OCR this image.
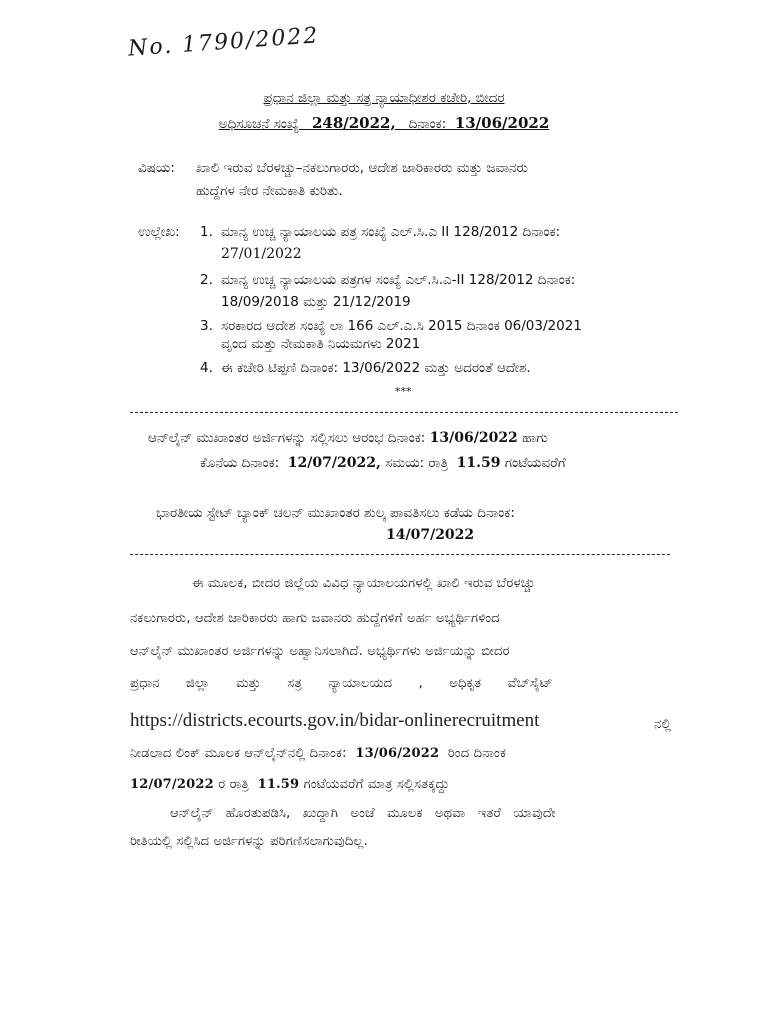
No. 1790/2022
ಪ್ರಧಾನ ಜಿಲ್ಲಾ ಮತ್ತು ಸತ್ರ ನ್ಯಾಯಾಧೀಶರ ಕಚೇರಿ, ಬೀದರ
ಅಧಿಸೂಚನೆ ಸಂಖ್ಯೆ 248/2022, ದಿನಾಂಕ: 13/06/2022
ವಿಷಯ: ಖಾಲಿ ಇರುವ ಬೆರಳಚ್ಚು–ನಕಲುಗಾರರು, ಆದೇಶ ಜಾರಿಕಾರರು ಮತ್ತು ಜವಾನರು
ಹುದ್ದೆಗಳ ನೇರ ನೇಮಕಾತಿ ಕುರಿತು.
ಉಲ್ಲೇಖ: 1. ಮಾನ್ಯ ಉಚ್ಚ ನ್ಯಾಯಾಲಯ ಪತ್ರ ಸಂಖ್ಯೆ ಎಲ್.ಸಿ.ಎ II 128/2012 ದಿನಾಂಕ:
27/01/2022
2. ಮಾನ್ಯ ಉಚ್ಚ ನ್ಯಾಯಾಲಯ ಪತ್ರಗಳ ಸಂಖ್ಯೆ ಎಲ್.ಸಿ.ಎ-II 128/2012 ದಿನಾಂಕ:
18/09/2018 ಮತ್ತು 21/12/2019
3. ಸರಕಾರದ ಆದೇಶ ಸಂಖ್ಯೆ ಲಾ 166 ಎಲ್.ಎ.ಸಿ 2015 ದಿನಾಂಕ 06/03/2021
ವೃಂದ ಮತ್ತು ನೇಮಕಾತಿ ನಿಯಮಗಳು 2021
4. ಈ ಕಚೇರಿ ಟಿಪ್ಪಣಿ ದಿನಾಂಕ: 13/06/2022 ಮತ್ತು ಅದರಂತೆ ಆದೇಶ.
***
ಆನ್‌ಲೈನ್ ಮುಖಾಂತರ ಅರ್ಜಿಗಳನ್ನು ಸಲ್ಲಿಸಲು ಆರಂಭ ದಿನಾಂಕ: 13/06/2022 ಹಾಗು
ಕೊನೆಯ ದಿನಾಂಕ: 12/07/2022, ಸಮಯ: ರಾತ್ರಿ 11.59 ಗಂಟೆಯವರೆಗೆ
ಭಾರತೀಯ ಸ್ಟೇಟ್ ಬ್ಯಾಂಕ್ ಚಲನ್ ಮುಖಾಂತರ ಶುಲ್ಕ ಪಾವತಿಸಲು ಕಡೆಯ ದಿನಾಂಕ:
14/07/2022
ಈ ಮೂಲಕ, ಬೀದರ ಜಿಲ್ಲೆಯ ವಿವಿಧ ನ್ಯಾಯಾಲಯಗಳಲ್ಲಿ ಖಾಲಿ ಇರುವ ಬೆರಳಚ್ಚು
ನಕಲುಗಾರರು, ಆದೇಶ ಜಾರಿಕಾರರು ಹಾಗು ಜವಾನರು ಹುದ್ದೆಗಳಿಗೆ ಅರ್ಹ ಅಭ್ಯರ್ಥಿಗಳಿಂದ
ಆನ್‌ಲೈನ್ ಮುಖಾಂತರ ಅರ್ಜಿಗಳನ್ನು ಅಹ್ವಾನಿಸಲಾಗಿದೆ. ಅಭ್ಯರ್ಥಿಗಳು ಅರ್ಜಿಯನ್ನು ಬೀದರ
ಪ್ರಧಾನ ಜಿಲ್ಲಾ ಮತ್ತು ಸತ್ರ ನ್ಯಾಯಾಲಯದ , ಅಧಿಕೃತ ವೆಬ್‌ಸೈಟ್
https://districts.ecourts.gov.in/bidar-onlinerecruitment	ನಲ್ಲಿ
ನೀಡಲಾದ ಲಿಂಕ್ ಮೂಲಕ ಆನ್‌ಲೈನ್‌ನಲ್ಲಿ ದಿನಾಂಕ: 13/06/2022 ರಿಂದ ದಿನಾಂಕ
12/07/2022 ರ ರಾತ್ರಿ 11.59 ಗಂಟೆಯವರೆಗೆ ಮಾತ್ರ ಸಲ್ಲಿಸತಕ್ಕದ್ದು
ಆನ್‌ಲೈನ್ ಹೊರತುಪಡಿಸಿ, ಖುದ್ದಾಗಿ ಅಂಚೆ ಮೂಲಕ ಅಥವಾ ಇತರೆ ಯಾವುದೇ
ರೀತಿಯಲ್ಲಿ ಸಲ್ಲಿಸಿದ ಅರ್ಜಿಗಳನ್ನು ಪರಿಗಣಿಸಲಾಗುವುದಿಲ್ಲ.
